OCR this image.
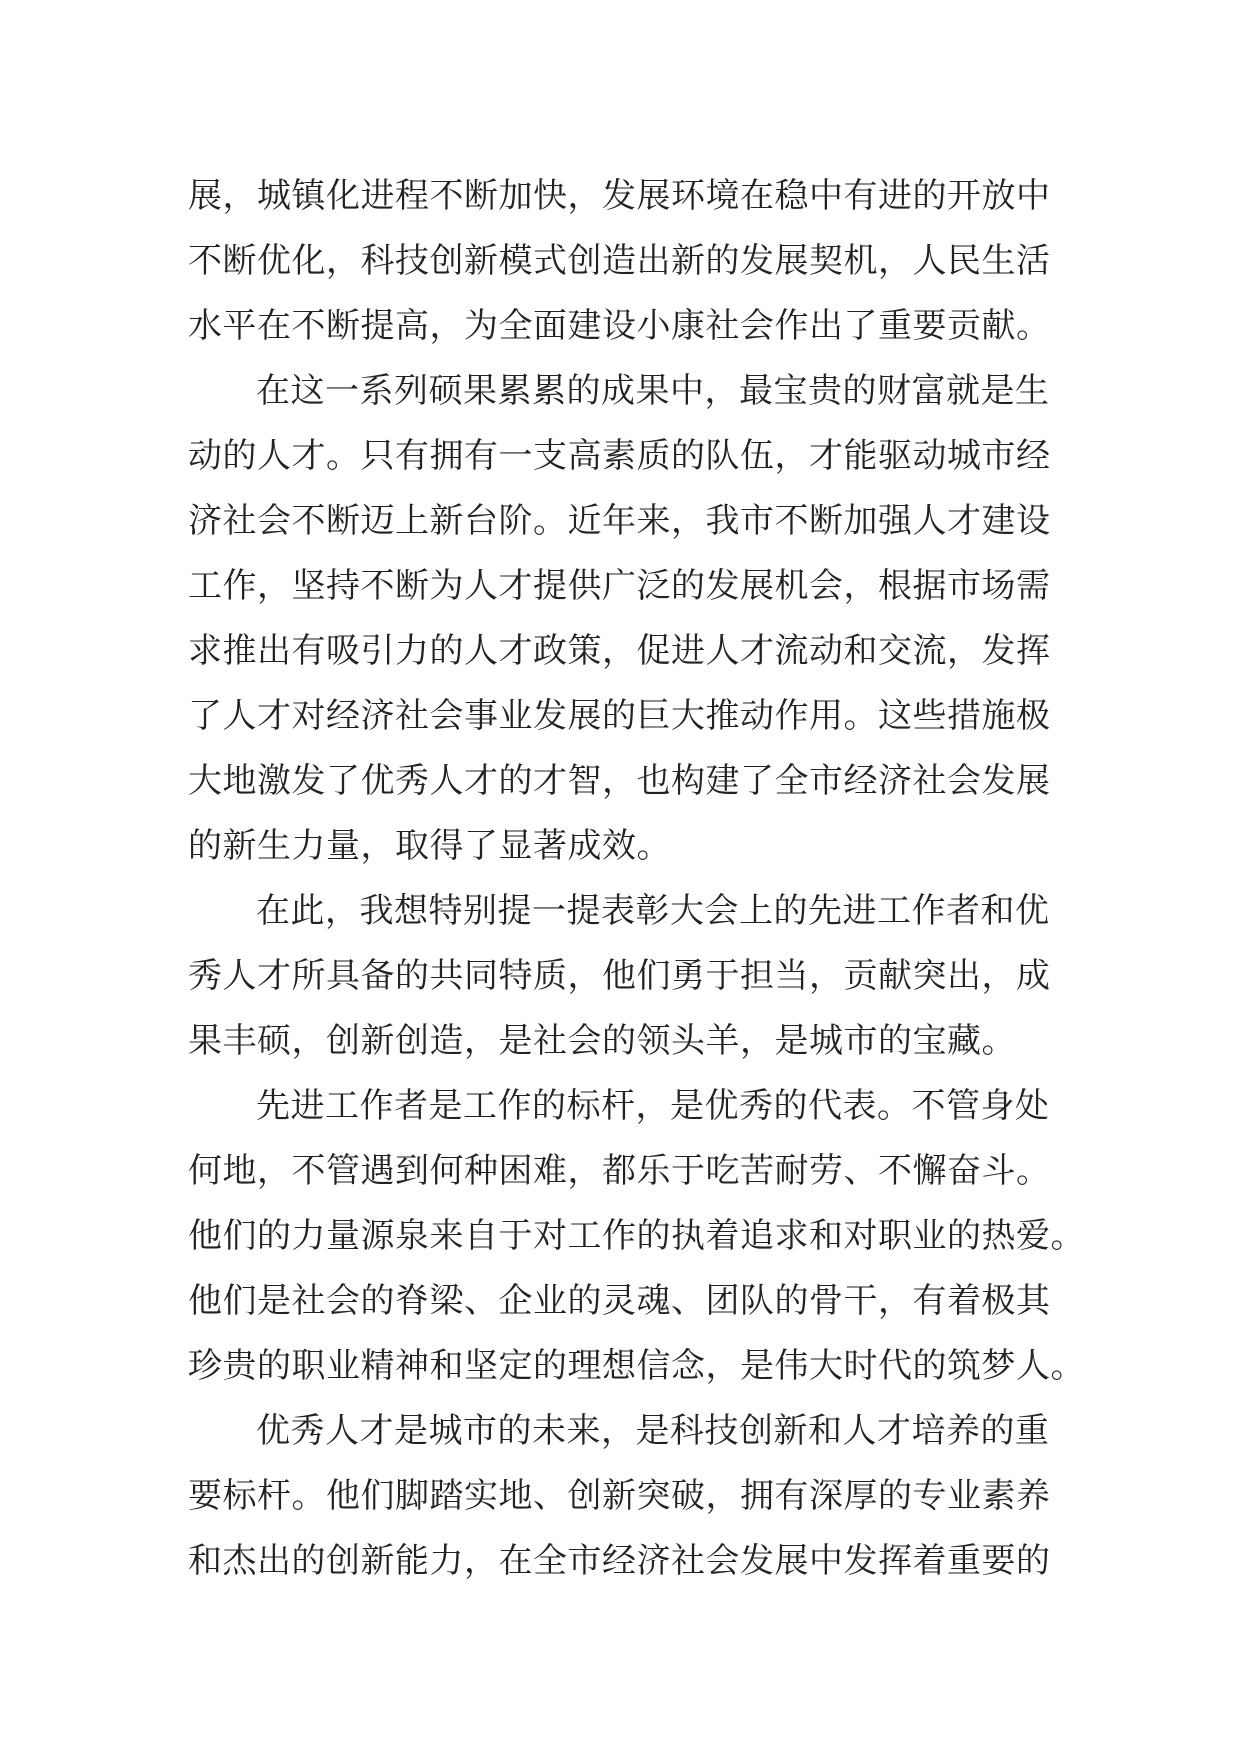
展，城镇化进程不断加快，发展环境在稳中有进的开放中
不断优化，科技创新模式创造出新的发展契机，人民生活
水平在不断提高，为全面建设小康社会作出了重要贡献。
在这一系列硕果累累的成果中，最宝贵的财富就是生
动的人才。只有拥有一支高素质的队伍，才能驱动城市经
济社会不断迈上新台阶。近年来，我市不断加强人才建设
工作，坚持不断为人才提供广泛的发展机会，根据市场需
求推出有吸引力的人才政策，促进人才流动和交流，发挥
了人才对经济社会事业发展的巨大推动作用。这些措施极
大地激发了优秀人才的才智，也构建了全市经济社会发展
的新生力量，取得了显著成效。
在此，我想特别提一提表彰大会上的先进工作者和优
秀人才所具备的共同特质，他们勇于担当，贡献突出，成
果丰硕，创新创造，是社会的领头羊，是城市的宝藏。
先进工作者是工作的标杆，是优秀的代表。不管身处
何地，不管遇到何种困难，都乐于吃苦耐劳、不懈奋斗。
他们的力量源泉来自于对工作的执着追求和对职业的热爱。
他们是社会的脊梁、企业的灵魂、团队的骨干，有着极其
珍贵的职业精神和坚定的理想信念，是伟大时代的筑梦人。
优秀人才是城市的未来，是科技创新和人才培养的重
要标杆。他们脚踏实地、创新突破，拥有深厚的专业素养
和杰出的创新能力，在全市经济社会发展中发挥着重要的
